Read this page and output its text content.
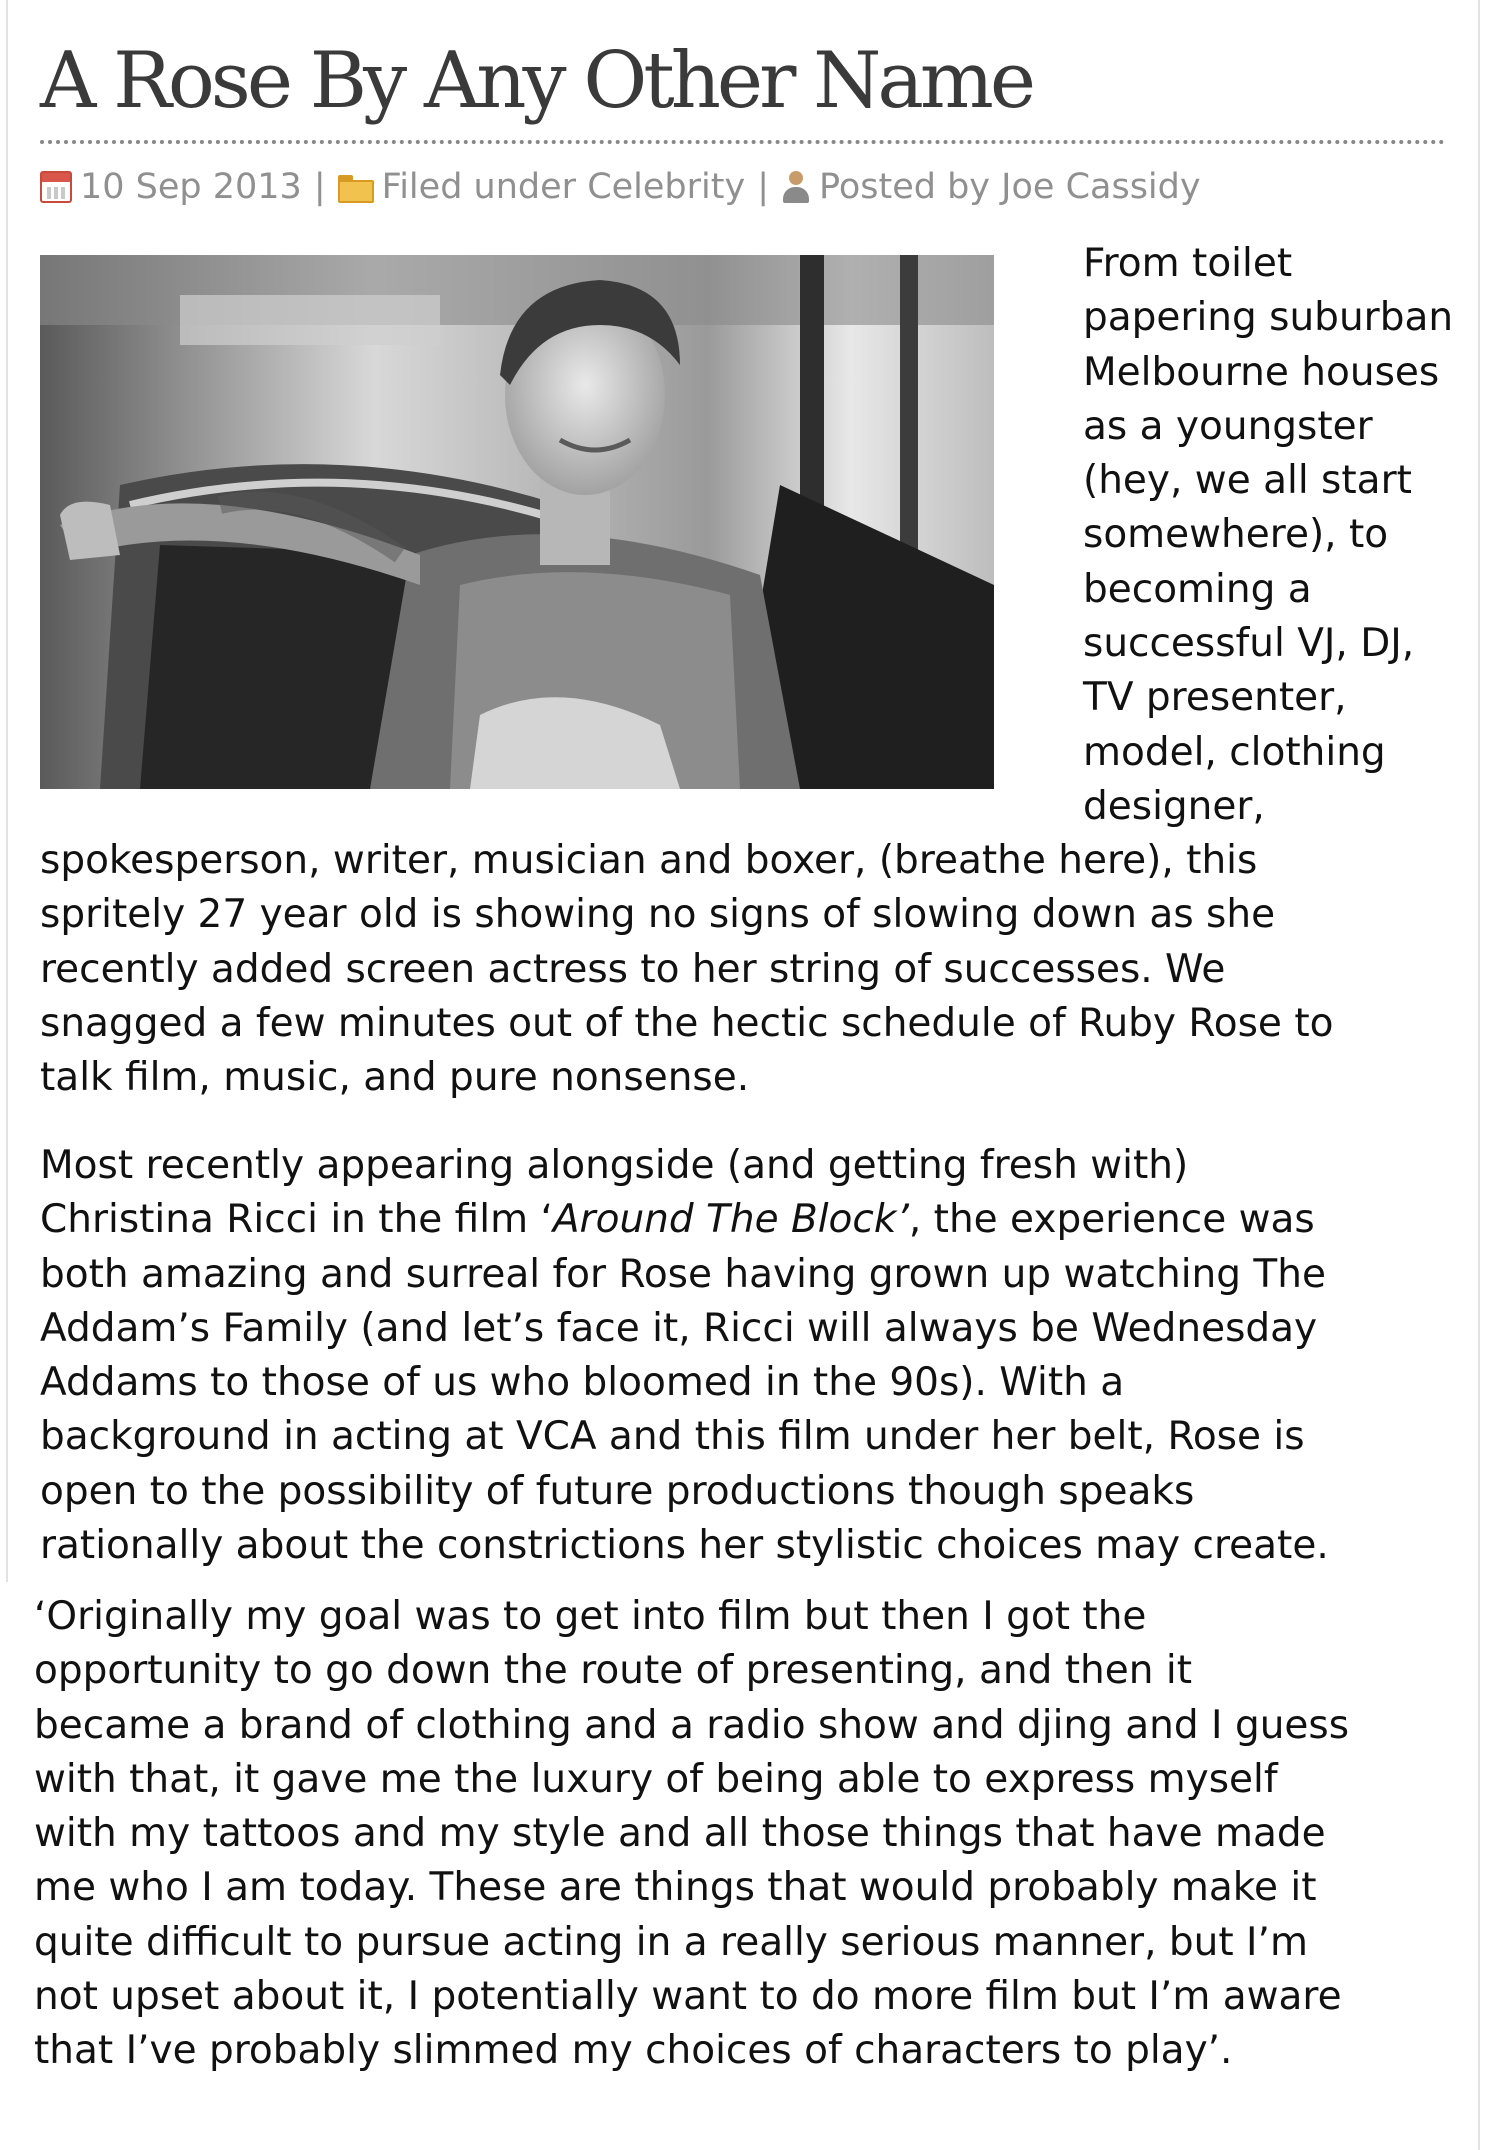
A Rose By Any Other Name
10 Sep 2013 | Filed under
Celebrity | Posted by
Joe Cassidy
From toilet
papering suburban
Melbourne houses
as a youngster
(hey, we all start
somewhere), to
becoming a
successful VJ, DJ,
TV presenter,
model, clothing
designer,
spokesperson, writer, musician and boxer, (breathe here), this
spritely 27 year old is showing no signs of slowing down as she
recently added screen actress to her string of successes. We
snagged a few minutes out of the hectic schedule of Ruby Rose to
talk film, music, and pure nonsense.
Most recently appearing alongside (and getting fresh with)
Christina Ricci in the film ‘Around The Block’, the experience was
both amazing and surreal for Rose having grown up watching The
Addam’s Family (and let’s face it, Ricci will always be Wednesday
Addams to those of us who bloomed in the 90s). With a
background in acting at VCA and this film under her belt, Rose is
open to the possibility of future productions though speaks
rationally about the constrictions her stylistic choices may create.
‘Originally my goal was to get into film but then I got the
opportunity to go down the route of presenting, and then it
became a brand of clothing and a radio show and djing and I guess
with that, it gave me the luxury of being able to express myself
with my tattoos and my style and all those things that have made
me who I am today. These are things that would probably make it
quite difficult to pursue acting in a really serious manner, but I’m
not upset about it, I potentially want to do more film but I’m aware
that I’ve probably slimmed my choices of characters to play’.
